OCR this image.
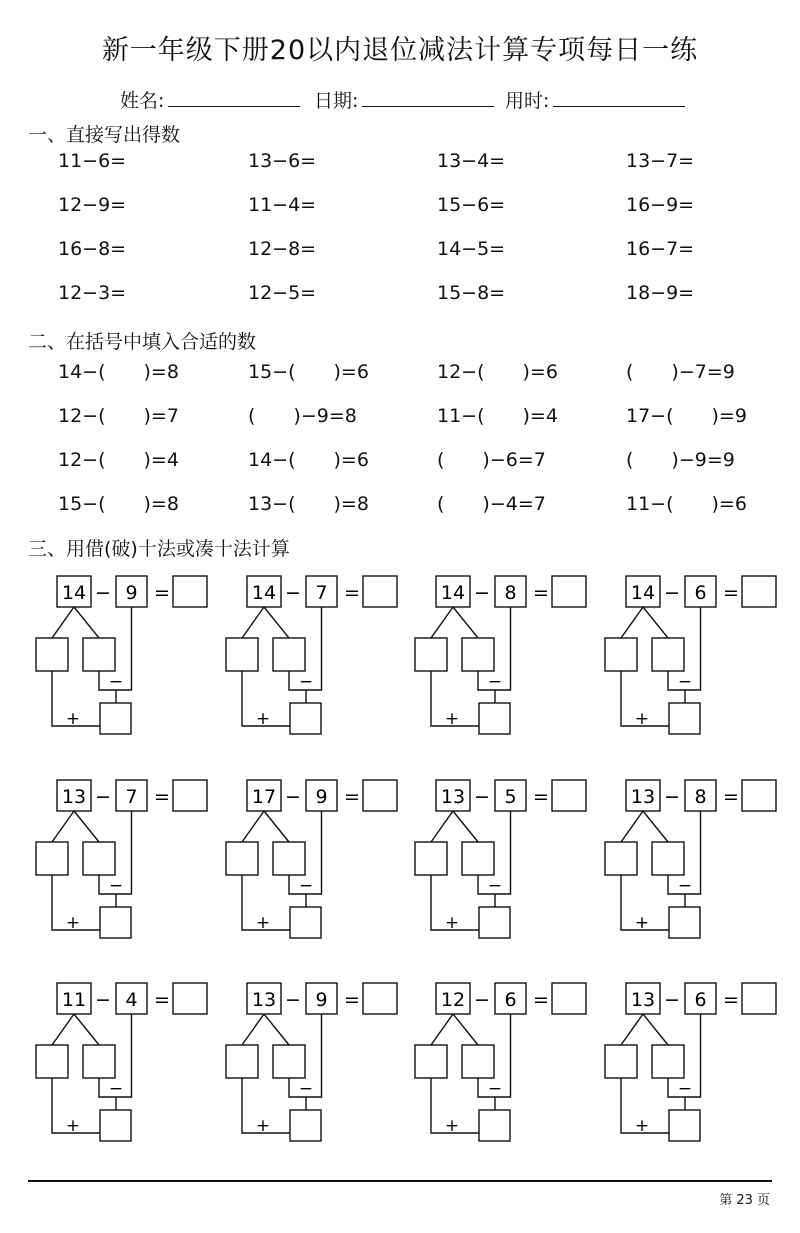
新一年级下册20以内退位减法计算专项每日一练
姓名:	日期:	用时:
一、直接写出得数
11−6=	13−6=	13−4=	13−7=
12−9=	11−4=	15−6=	16−9=
16−8=	12−8=	14−5=	16−7=
12−3=	12−5=	15−8=	18−9=
二、在括号中填入合适的数
14−(　　)=8	15−(　　)=6	12−(　　)=6	(　　)−7=9
12−(　　)=7	(　　)−9=8	11−(　　)=4	17−(　　)=9
12−(　　)=4	14−(　　)=6	(　　)−6=7	(　　)−9=9
15−(　　)=8	13−(　　)=8	(　　)−4=7	11−(　　)=6
三、用借(破)十法或凑十法计算
14 − 9 =
−
+
14 − 7 =
−
+
14 − 8 =
−
+
14 − 6 =
−
+
13 − 7 =
−
+
17 − 9 =
−
+
13 − 5 =
−
+
13 − 8 =
−
+
11 − 4 =
−
+
13 − 9 =
−
+
12 − 6 =
−
+
13 − 6 =
−
+
第 23 页
